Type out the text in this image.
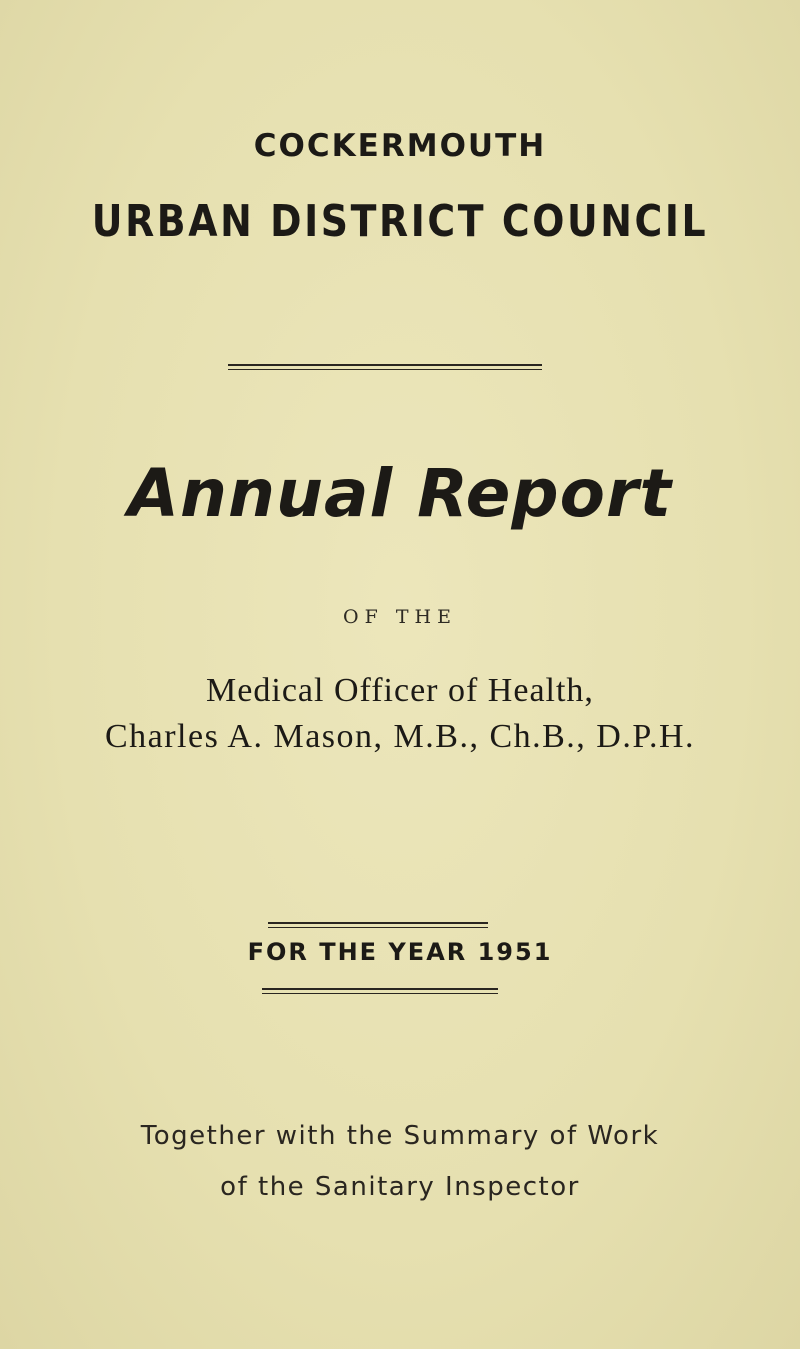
COCKERMOUTH
URBAN DISTRICT COUNCIL
Annual Report
OF THE
Medical Officer of Health,
Charles A. Mason, M.B., Ch.B., D.P.H.
FOR THE YEAR 1951
Together with the Summary of Work
of the Sanitary Inspector
